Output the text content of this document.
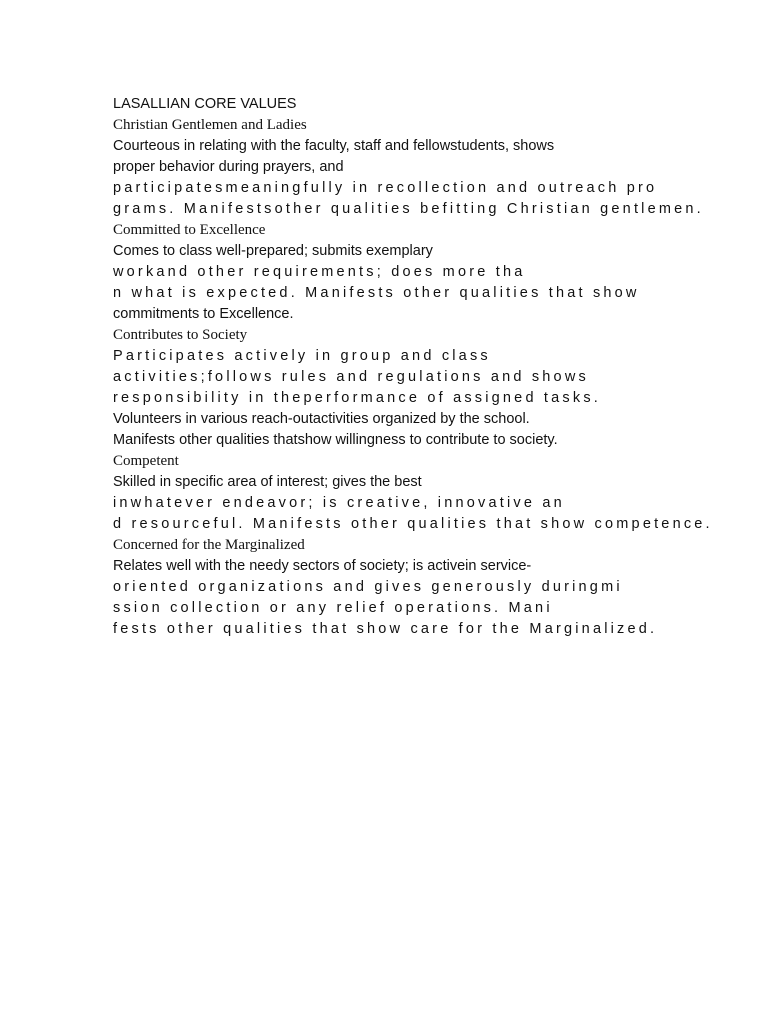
LASALLIAN CORE VALUES
Christian Gentlemen and Ladies
Courteous in relating with the faculty, staff and fellowstudents, shows
proper behavior during prayers, and
participatesmeaningfully in recollection and outreach pro
grams. Manifestsother qualities befitting Christian gentlemen.
Committed to Excellence
Comes to class well-prepared; submits exemplary
workand other requirements; does more tha
n what is expected. Manifests other qualities that show
commitments to Excellence.
Contributes to Society
Participates actively in group and class
activities;follows rules and regulations and shows
responsibility in theperformance of assigned tasks.
Volunteers in various reach-outactivities organized by the school.
Manifests other qualities thatshow willingness to contribute to society.
Competent
Skilled in specific area of interest; gives the best
inwhatever endeavor; is creative, innovative an
d resourceful. Manifests other qualities that show competence.
Concerned for the Marginalized
Relates well with the needy sectors of society; is activein service-
oriented organizations and gives generously duringmi
ssion collection or any relief operations. Mani
fests other qualities that show care for the Marginalized.
